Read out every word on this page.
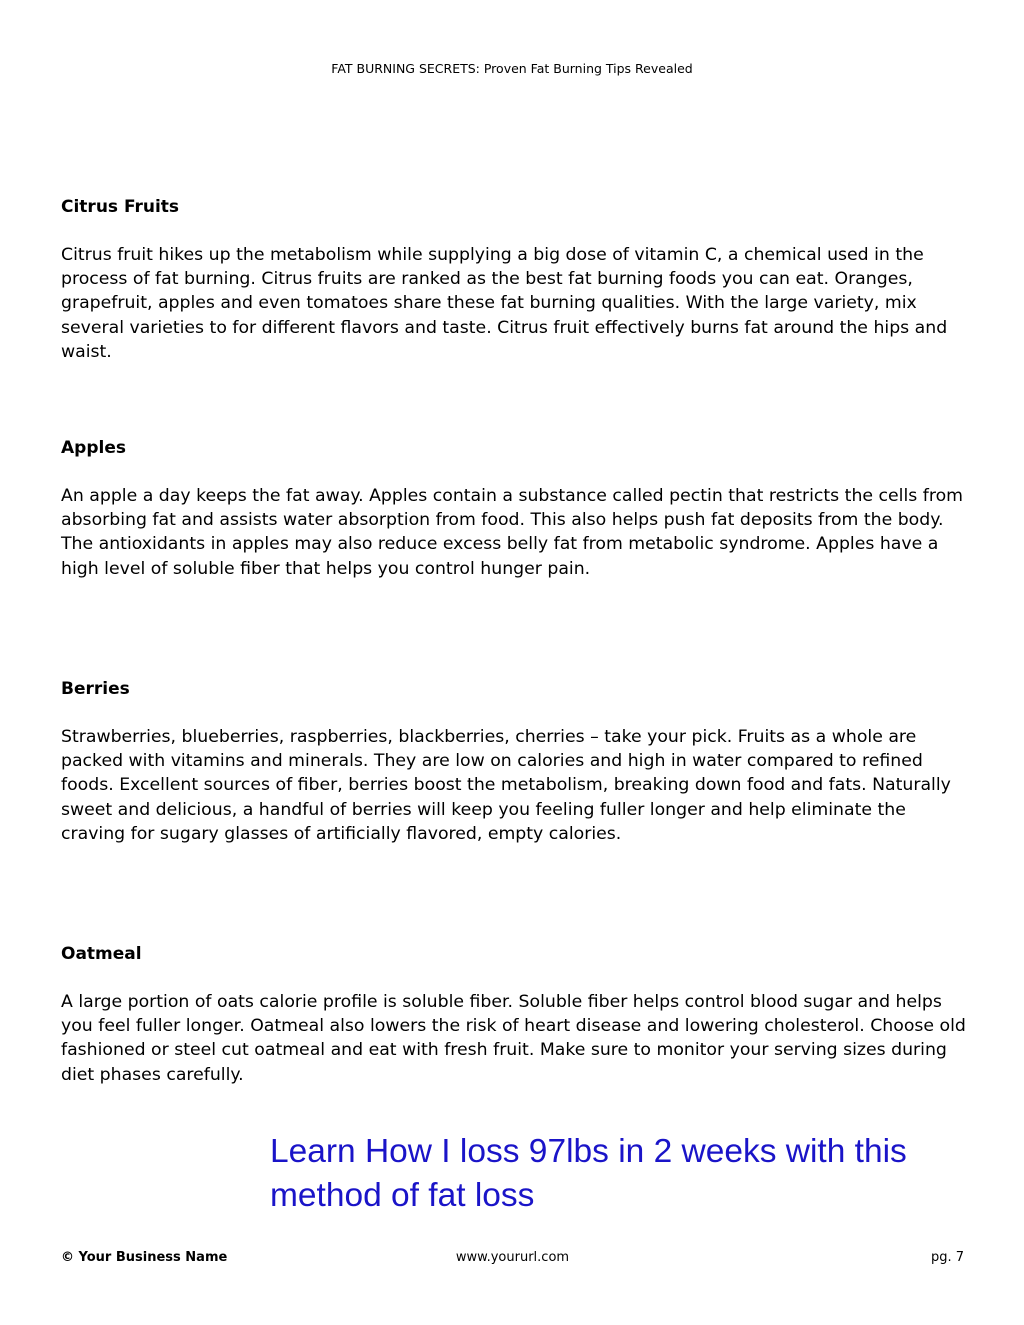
FAT BURNING SECRETS: Proven Fat Burning Tips Revealed

Citrus Fruits

Citrus fruit hikes up the metabolism while supplying a big dose of vitamin C, a chemical used in the process of fat burning. Citrus fruits are ranked as the best fat burning foods you can eat. Oranges, grapefruit, apples and even tomatoes share these fat burning qualities. With the large variety, mix several varieties to for different flavors and taste. Citrus fruit effectively burns fat around the hips and waist.

Apples

An apple a day keeps the fat away. Apples contain a substance called pectin that restricts the cells from absorbing fat and assists water absorption from food. This also helps push fat deposits from the body. The antioxidants in apples may also reduce excess belly fat from metabolic syndrome. Apples have a high level of soluble fiber that helps you control hunger pain.

Berries

Strawberries, blueberries, raspberries, blackberries, cherries – take your pick. Fruits as a whole are packed with vitamins and minerals. They are low on calories and high in water compared to refined foods. Excellent sources of fiber, berries boost the metabolism, breaking down food and fats. Naturally sweet and delicious, a handful of berries will keep you feeling fuller longer and help eliminate the craving for sugary glasses of artificially flavored, empty calories.

Oatmeal

A large portion of oats calorie profile is soluble fiber. Soluble fiber helps control blood sugar and helps you feel fuller longer. Oatmeal also lowers the risk of heart disease and lowering cholesterol. Choose old fashioned or steel cut oatmeal and eat with fresh fruit. Make sure to monitor your serving sizes during diet phases carefully.

Learn How I loss 97lbs in 2 weeks with this method of fat loss
© Your Business Name	www.yoururl.com	pg. 7
